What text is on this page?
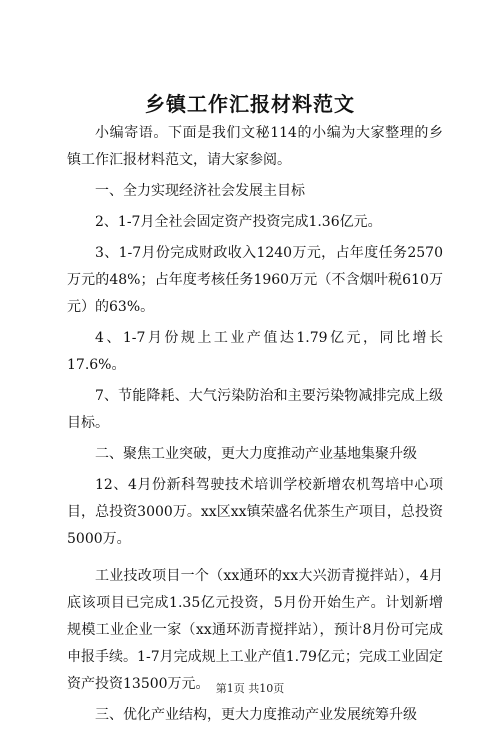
乡镇工作汇报材料范文

小编寄语。下面是我们文秘114的小编为大家整理的乡镇工作汇报材料范文，请大家参阅。

一、全力实现经济社会发展主目标

2、1-7月全社会固定资产投资完成1.36亿元。

3、1-7月份完成财政收入1240万元，占年度任务2570万元的48%；占年度考核任务1960万元（不含烟叶税610万元）的63%。

4、1-7月份规上工业产值达1.79亿元，同比增长17.6%。

7、节能降耗、大气污染防治和主要污染物减排完成上级目标。

二、聚焦工业突破，更大力度推动产业基地集聚升级

12、4月份新科驾驶技术培训学校新增农机驾培中心项目，总投资3000万。xx区xx镇荣盛名优茶生产项目，总投资5000万。

工业技改项目一个（xx通环的xx大兴沥青搅拌站），4月底该项目已完成1.35亿元投资，5月份开始生产。计划新增规模工业企业一家（xx通环沥青搅拌站），预计8月份可完成申报手续。1-7月完成规上工业产值1.79亿元；完成工业固定资产投资13500万元。

三、优化产业结构，更大力度推动产业发展统筹升级

第1页 共10页
